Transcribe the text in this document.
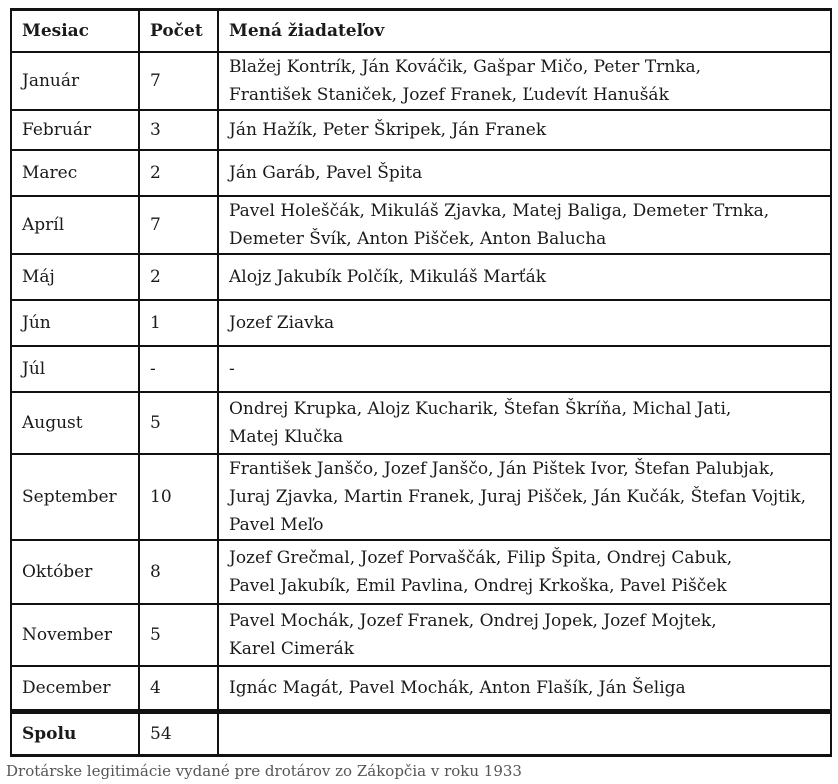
Mesiac	Počet	Mená žiadateľov
Január	7	Blažej Kontrík, Ján Kováčik, Gašpar Mičo, Peter Trnka,
František Staniček, Jozef Franek, Ľudevít Hanušák

Február	3	Ján Hažík, Peter Škripek, Ján Franek

Marec	2	Ján Garáb, Pavel Špita

Apríl	7	Pavel Holeščák, Mikuláš Zjavka, Matej Baliga, Demeter Trnka,
Demeter Švík, Anton Pišček, Anton Balucha

Máj	2	Alojz Jakubík Polčík, Mikuláš Marťák

Jún	1	Jozef Ziavka

Júl	-	-

August	5	Ondrej Krupka, Alojz Kucharik, Štefan Škríňa, Michal Jati,
Matej Klučka

September	10	František Janščo, Jozef Janščo, Ján Pištek Ivor, Štefan Palubjak,
Juraj Zjavka, Martin Franek, Juraj Pišček, Ján Kučák, Štefan Vojtik,
Pavel Meľo

Október	8	Jozef Grečmal, Jozef Porvaščák, Filip Špita, Ondrej Cabuk,
Pavel Jakubík, Emil Pavlina, Ondrej Krkoška, Pavel Pišček

November	5	Pavel Mochák, Jozef Franek, Ondrej Jopek, Jozef Mojtek,
Karel Cimerák

December	4	Ignác Magát, Pavel Mochák, Anton Flašík, Ján Šeliga

Spolu	54	
Drotárske legitimácie vydané pre drotárov zo Zákopčia v roku 1933
